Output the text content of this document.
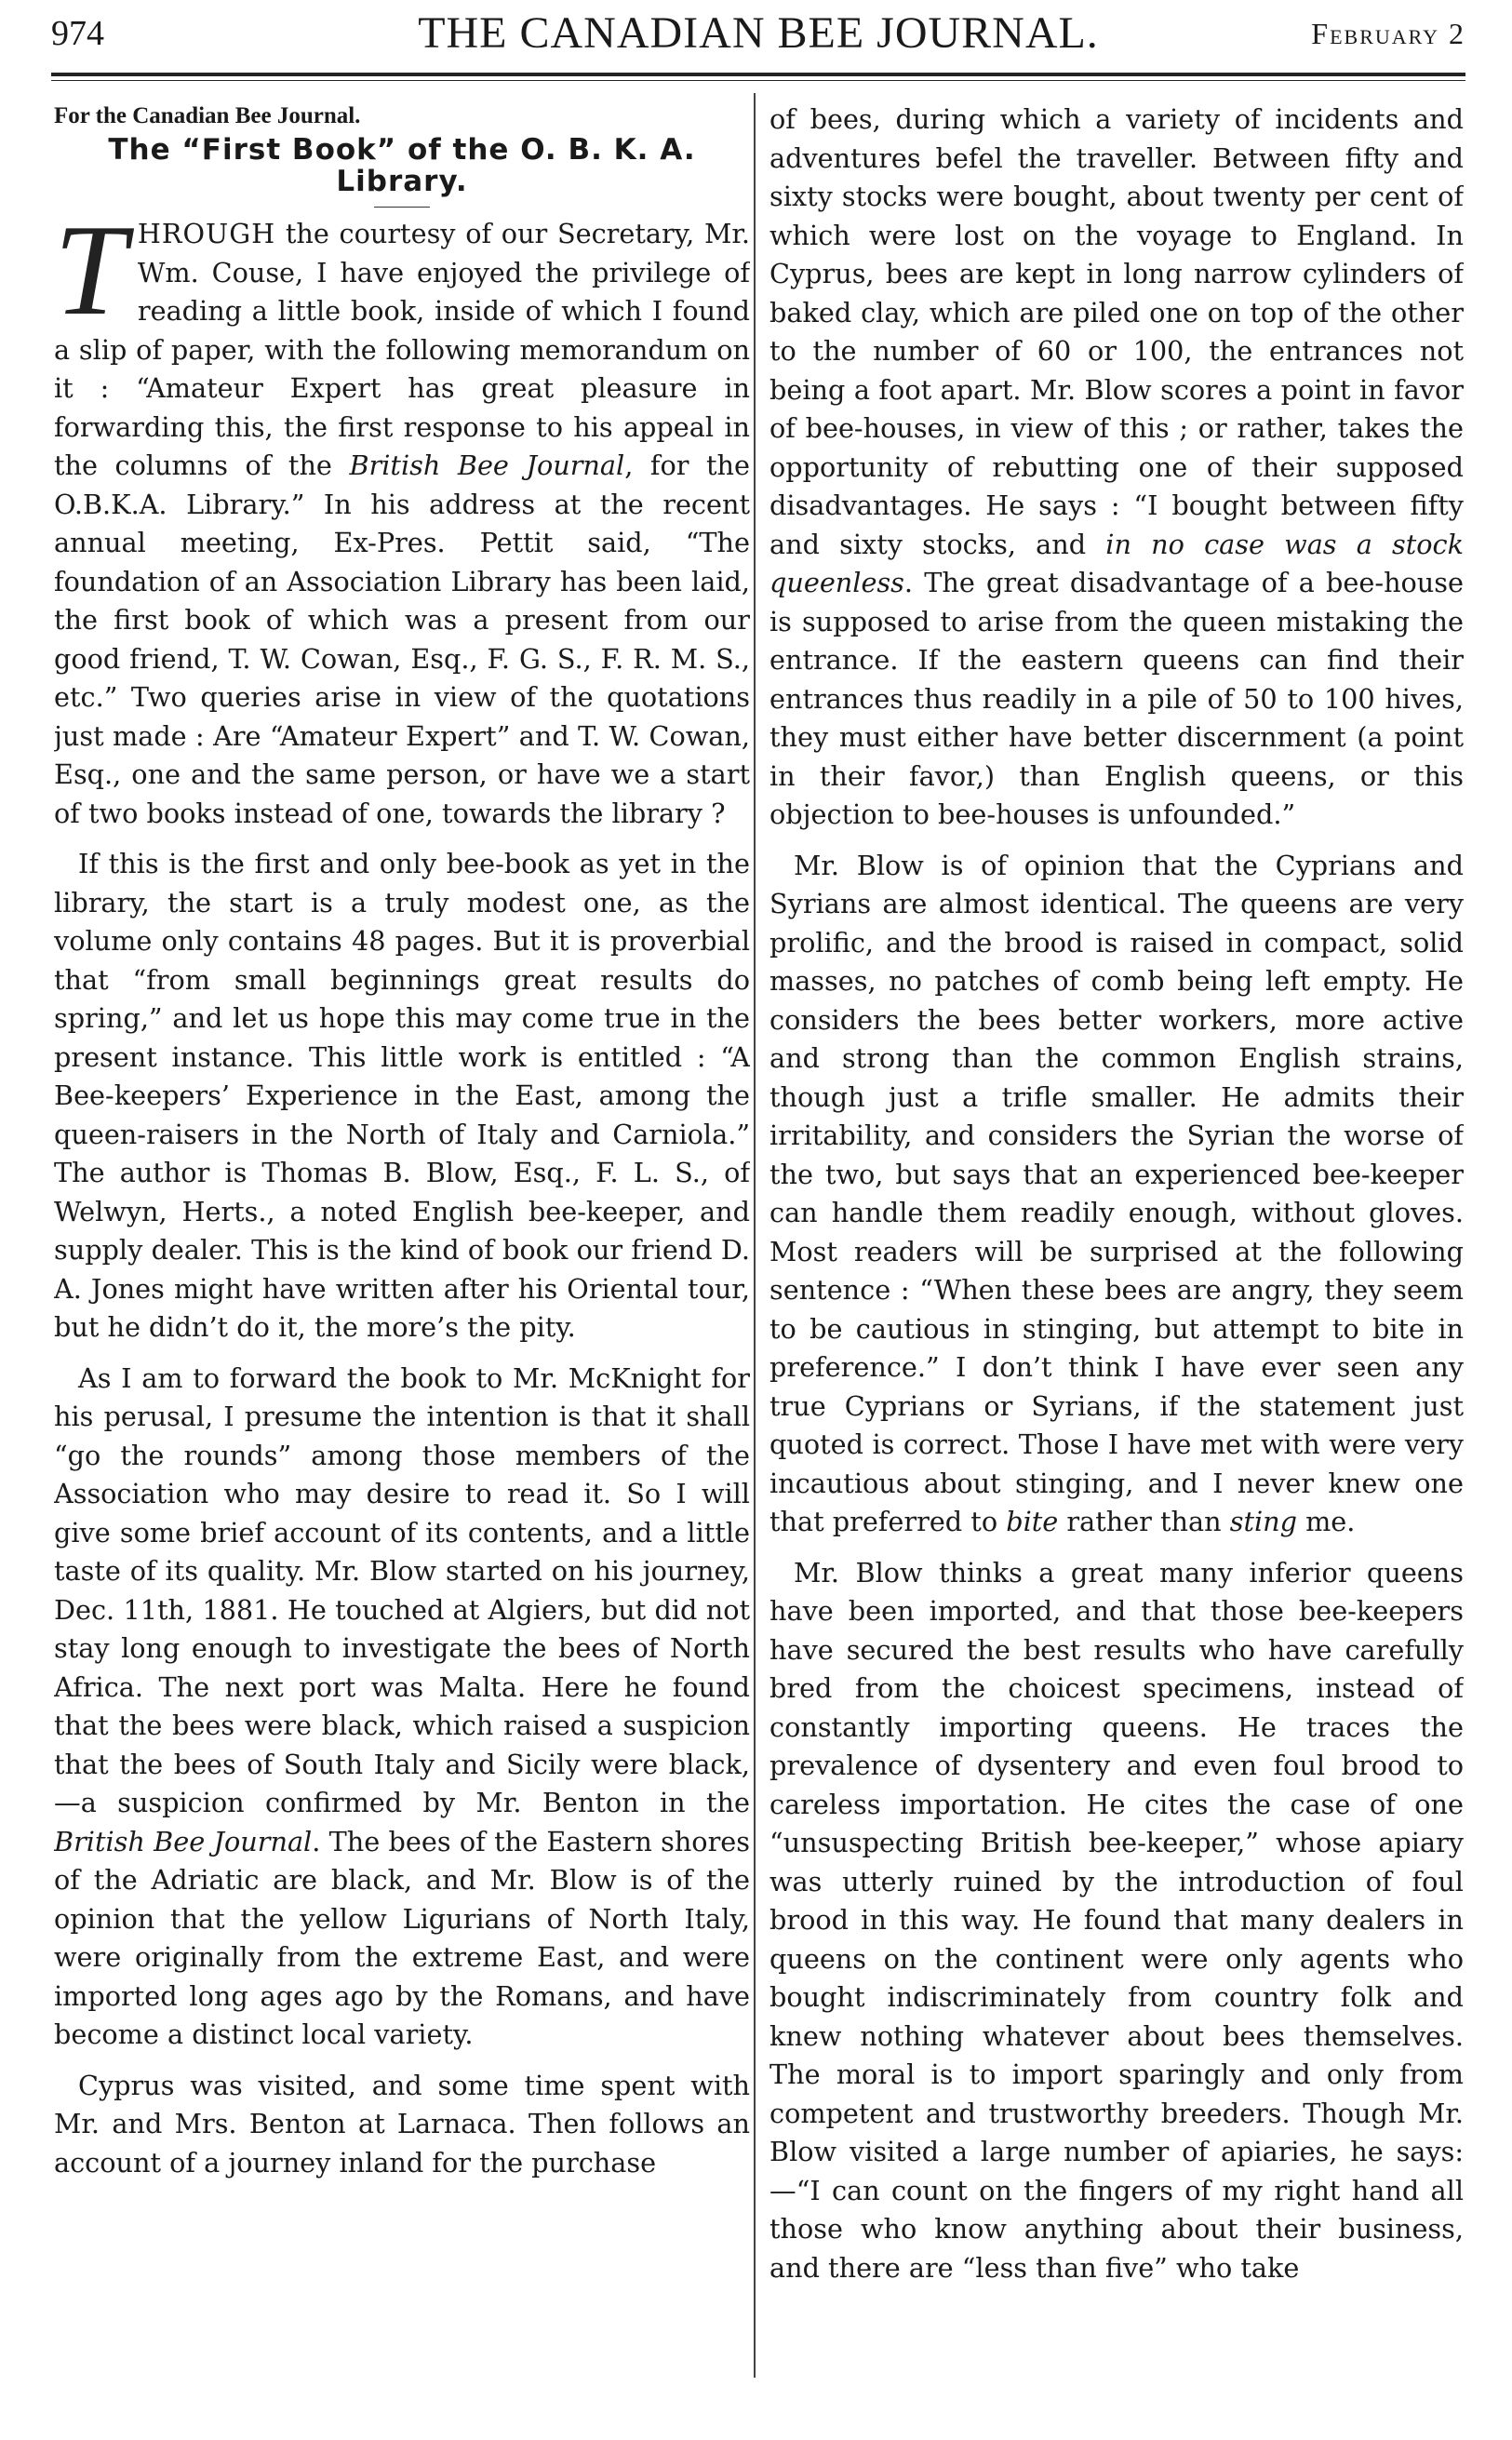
974	THE CANADIAN BEE JOURNAL.	February 2
For the Canadian Bee Journal.
The “First Book” of the O. B. K. A. Library.

THROUGH the courtesy of our Secretary, Mr. Wm. Couse, I have enjoyed the privilege of reading a little book, inside of which I found a slip of paper, with the following memorandum on it : “Amateur Expert has great pleasure in forwarding this, the first response to his appeal in the columns of the British Bee Journal, for the O.B.K.A. Library.” In his address at the recent annual meeting, Ex-Pres. Pettit said, “The foundation of an Association Library has been laid, the first book of which was a present from our good friend, T. W. Cowan, Esq., F. G. S., F. R. M. S., etc.” Two queries arise in view of the quotations just made : Are “Amateur Expert” and T. W. Cowan, Esq., one and the same person, or have we a start of two books instead of one, towards the library ?

If this is the first and only bee-book as yet in the library, the start is a truly modest one, as the volume only contains 48 pages. But it is proverbial that “from small beginnings great results do spring,” and let us hope this may come true in the present instance. This little work is entitled : “A Bee-keepers’ Experience in the East, among the queen-raisers in the North of Italy and Carniola.” The author is Thomas B. Blow, Esq., F. L. S., of Welwyn, Herts., a noted English bee-keeper, and supply dealer. This is the kind of book our friend D. A. Jones might have written after his Oriental tour, but he didn’t do it, the more’s the pity.

As I am to forward the book to Mr. McKnight for his perusal, I presume the intention is that it shall “go the rounds” among those members of the Association who may desire to read it. So I will give some brief account of its contents, and a little taste of its quality. Mr. Blow started on his journey, Dec. 11th, 1881. He touched at Algiers, but did not stay long enough to investigate the bees of North Africa. The next port was Malta. Here he found that the bees were black, which raised a suspicion that the bees of South Italy and Sicily were black,—a suspicion confirmed by Mr. Benton in the British Bee Journal. The bees of the Eastern shores of the Adriatic are black, and Mr. Blow is of the opinion that the yellow Ligurians of North Italy, were originally from the extreme East, and were imported long ages ago by the Romans, and have become a distinct local variety.

Cyprus was visited, and some time spent with Mr. and Mrs. Benton at Larnaca. Then follows an account of a journey inland for the purchase

of bees, during which a variety of incidents and adventures befel the traveller. Between fifty and sixty stocks were bought, about twenty per cent of which were lost on the voyage to England. In Cyprus, bees are kept in long narrow cylinders of baked clay, which are piled one on top of the other to the number of 60 or 100, the entrances not being a foot apart. Mr. Blow scores a point in favor of bee-houses, in view of this ; or rather, takes the opportunity of rebutting one of their supposed disadvantages. He says : “I bought between fifty and sixty stocks, and in no case was a stock queenless. The great disadvantage of a bee-house is supposed to arise from the queen mistaking the entrance. If the eastern queens can find their entrances thus readily in a pile of 50 to 100 hives, they must either have better discernment (a point in their favor,) than English queens, or this objection to bee-houses is unfounded.”

Mr. Blow is of opinion that the Cyprians and Syrians are almost identical. The queens are very prolific, and the brood is raised in compact, solid masses, no patches of comb being left empty. He considers the bees better workers, more active and strong than the common English strains, though just a trifle smaller. He admits their irritability, and considers the Syrian the worse of the two, but says that an experienced bee-keeper can handle them readily enough, without gloves. Most readers will be surprised at the following sentence : “When these bees are angry, they seem to be cautious in stinging, but attempt to bite in preference.” I don’t think I have ever seen any true Cyprians or Syrians, if the statement just quoted is correct. Those I have met with were very incautious about stinging, and I never knew one that preferred to bite rather than sting me.

Mr. Blow thinks a great many inferior queens have been imported, and that those bee-keepers have secured the best results who have carefully bred from the choicest specimens, instead of constantly importing queens. He traces the prevalence of dysentery and even foul brood to careless importation. He cites the case of one “unsuspecting British bee-keeper,” whose apiary was utterly ruined by the introduction of foul brood in this way. He found that many dealers in queens on the continent were only agents who bought indiscriminately from country folk and knew nothing whatever about bees themselves. The moral is to import sparingly and only from competent and trustworthy breeders. Though Mr. Blow visited a large number of apiaries, he says:—“I can count on the fingers of my right hand all those who know anything about their business, and there are “less than five” who take
